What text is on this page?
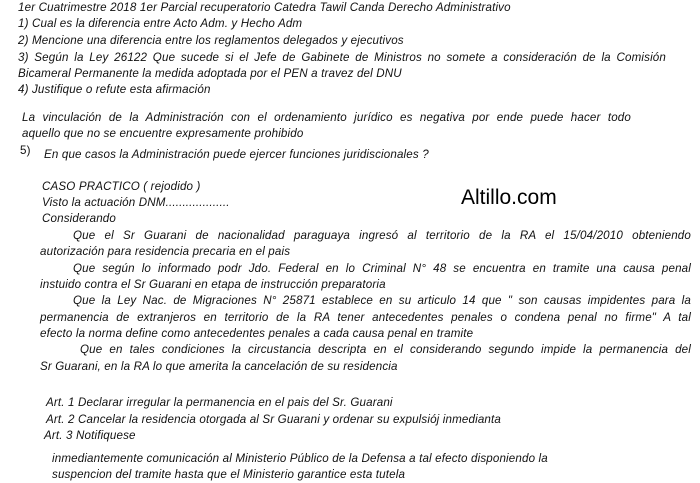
1er Cuatrimestre 2018 1er Parcial recuperatorio Catedra Tawil Canda Derecho Administrativo
1) Cual es la diferencia entre Acto Adm. y Hecho Adm
2) Mencione una diferencia entre los reglamentos delegados y ejecutivos
3) Según la Ley 26122 Que sucede si el Jefe de Gabinete de Ministros no somete a consideración de la Comisión
Bicameral Permanente la medida adoptada por el PEN a travez del DNU
4) Justifique o refute esta afirmación
La vinculación de la Administración con el ordenamiento jurídico es negativa por ende puede hacer todo
aquello que no se encuentre expresamente prohibido
5) En que casos la Administración puede ejercer funciones juridiscionales ?
Altillo.com
CASO PRACTICO ( rejodido )
Visto la actuación DNM...................
Considerando
Que el Sr Guarani de nacionalidad paraguaya ingresó al territorio de la RA el 15/04/2010 obteniendo
autorización para residencia precaria en el pais
Que según lo informado podr Jdo. Federal en lo Criminal N° 48 se encuentra en tramite una causa penal
instuido contra el Sr Guarani en etapa de instrucción preparatoria
Que la Ley Nac. de Migraciones N° 25871 establece en su articulo 14 que " son causas impidentes para la
permanencia de extranjeros en territorio de la RA tener antecedentes penales o condena penal no firme" A tal
efecto la norma define como antecedentes penales a cada causa penal en tramite
Que en tales condiciones la circustancia descripta en el considerando segundo impide la permanencia del
Sr Guarani, en la RA lo que amerita la cancelación de su residencia
Art. 1 Declarar irregular la permanencia en el pais del Sr. Guarani
Art. 2 Cancelar la residencia otorgada al Sr Guarani y ordenar su expulsiój inmedianta
Art. 3 Notifiquese
inmediantemente comunicación al Ministerio Público de la Defensa a tal efecto disponiendo la
suspencion del tramite hasta que el Ministerio garantice esta tutela
